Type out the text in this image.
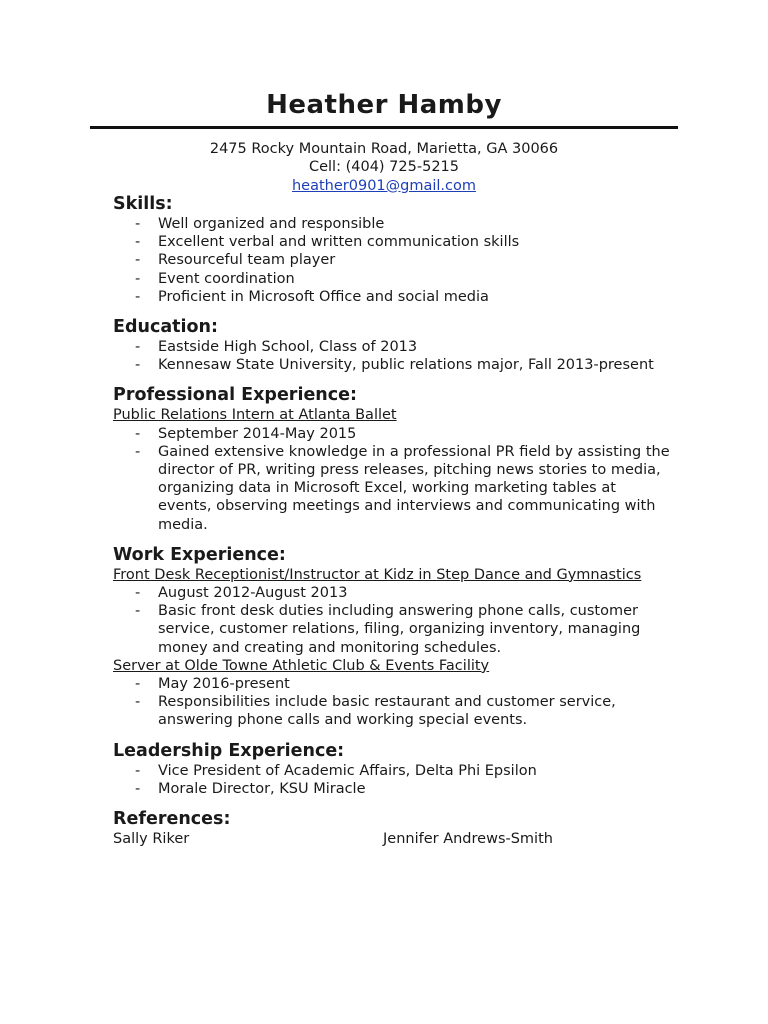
Heather Hamby
2475 Rocky Mountain Road, Marietta, GA 30066
Cell: (404) 725-5215
heather0901@gmail.com
Skills:
- Well organized and responsible
- Excellent verbal and written communication skills
- Resourceful team player
- Event coordination
- Proficient in Microsoft Office and social media
Education:
- Eastside High School, Class of 2013
- Kennesaw State University, public relations major, Fall 2013-present
Professional Experience:
Public Relations Intern at Atlanta Ballet
- September 2014-May 2015
- Gained extensive knowledge in a professional PR field by assisting the director of PR, writing press releases, pitching news stories to media, organizing data in Microsoft Excel, working marketing tables at events, observing meetings and interviews and communicating with media.
Work Experience:
Front Desk Receptionist/Instructor at Kidz in Step Dance and Gymnastics
- August 2012-August 2013
- Basic front desk duties including answering phone calls, customer service, customer relations, filing, organizing inventory, managing money and creating and monitoring schedules.
Server at Olde Towne Athletic Club & Events Facility
- May 2016-present
- Responsibilities include basic restaurant and customer service, answering phone calls and working special events.
Leadership Experience:
- Vice President of Academic Affairs, Delta Phi Epsilon
- Morale Director, KSU Miracle
References:
Sally Riker	Jennifer Andrews-Smith
